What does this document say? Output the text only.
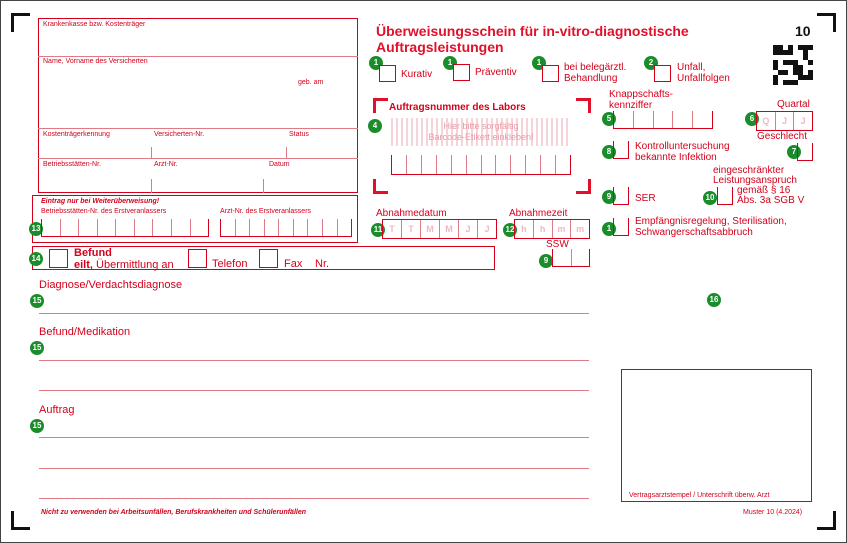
Krankenkasse bzw. Kostenträger
Name, Vorname des Versicherten
geb. am
Kostenträgerkennung	Versicherten-Nr.	Status
Betriebsstätten-Nr.	Arzt-Nr.	Datum
Überweisungsschein für in-vitro-diagnostische
Auftragsleistungen
10
1
Kurativ
1
Präventiv
1	bei belegärztl.
Behandlung
2	Unfall,
Unfallfolgen
Auftragsnummer des Labors
Hier bitte sorgfältig
Barcode-Etikett einkleben!
4
Knappschafts-
kennziffer
5
Quartal
6 Q	J	J
Geschlecht
7
8	Kontrolluntersuchung
bekannte Infektion
9	SER
eingeschränkter
Leistungsanspruch
gemäß § 16
Abs. 3a SGB V
10
1
Empfängnisregelung, Sterilisation,
Schwangerschaftsabbruch
Eintrag nur bei Weiterüberweisung!
Betriebsstätten-Nr. des Erstveranlassers	Arzt-Nr. des Erstveranlassers
13
Abnahmedatum
11 T	T	M	M	J	J
Abnahmezeit
12 h	h	m	m
SSW
9
14	Befund
eilt, Übermittlung an	Telefon	Fax Nr.
Diagnose/Verdachtsdiagnose
15	16
Befund/Medikation
15
Auftrag
15
Vertragsarztstempel / Unterschrift überw. Arzt
Nicht zu verwenden bei Arbeitsunfällen, Berufskrankheiten und Schülerunfällen	Muster 10 (4.2024)
